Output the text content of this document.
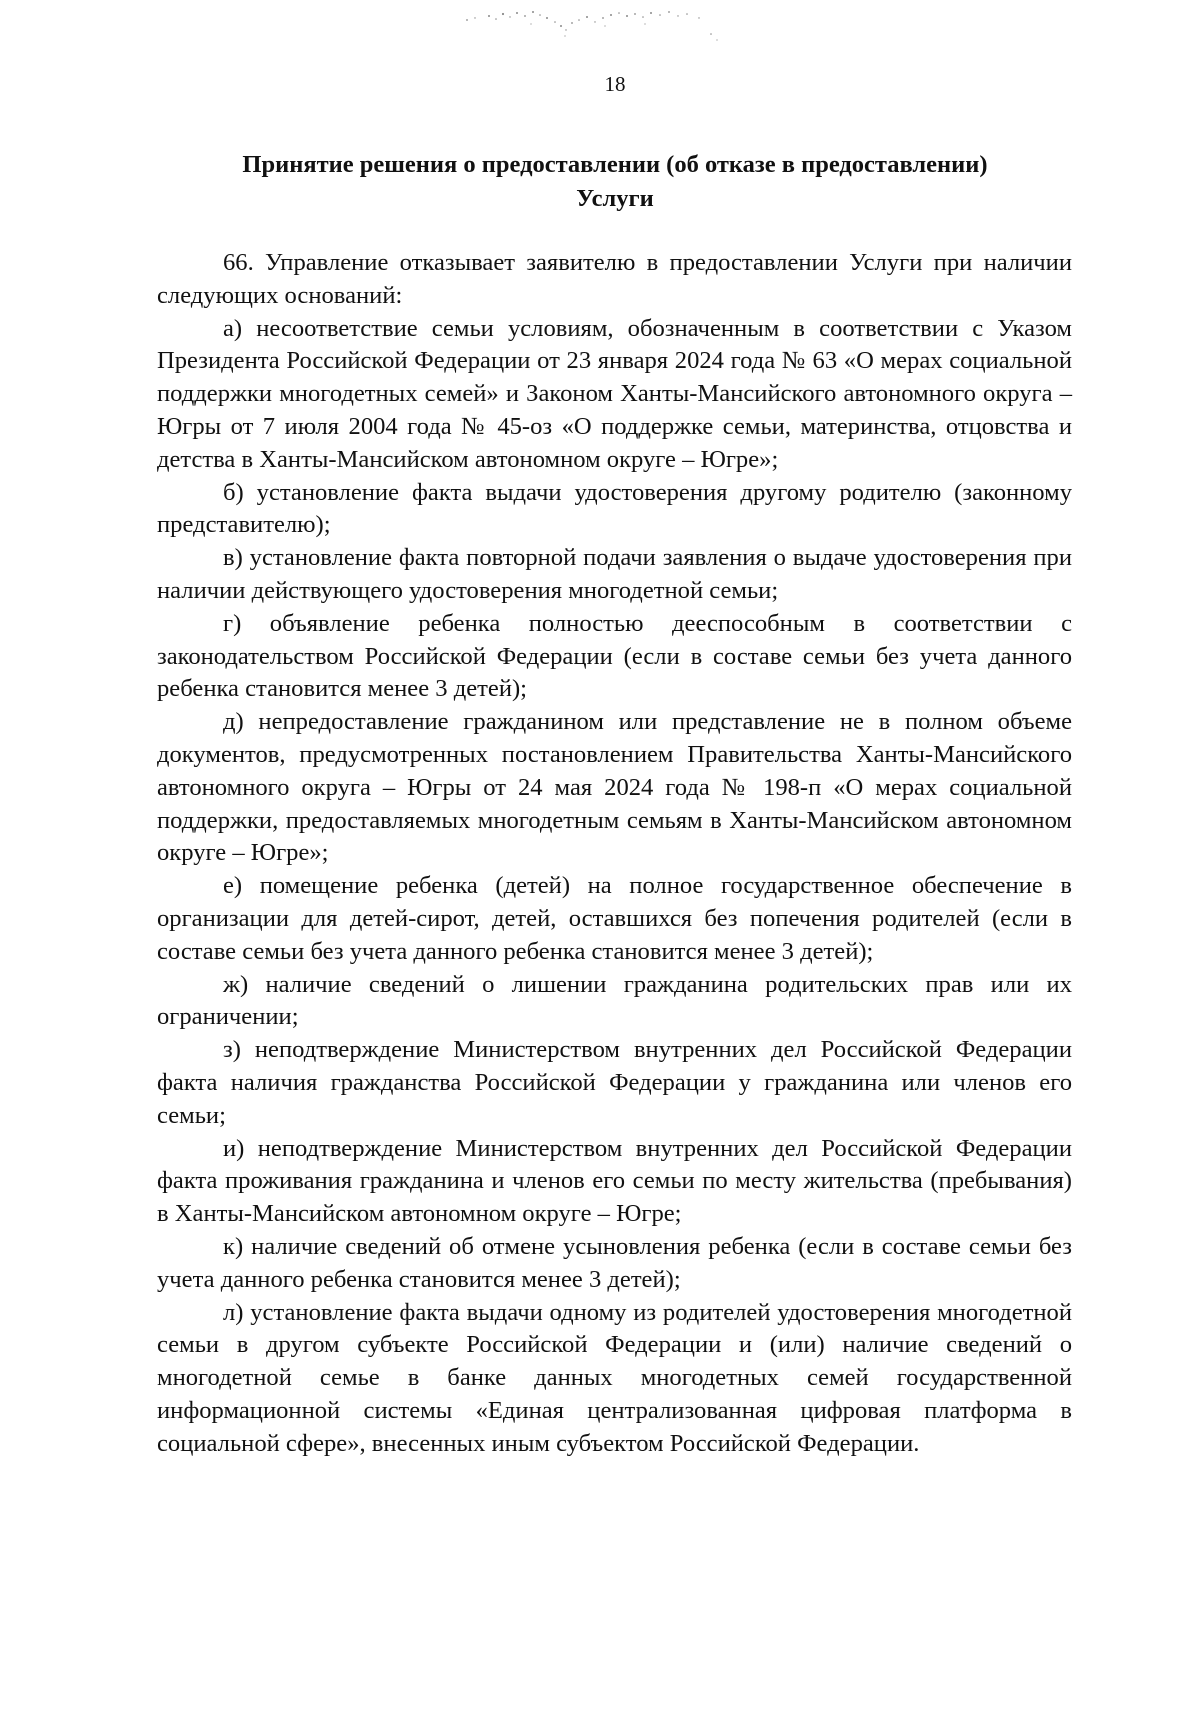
18
Принятие решения о предоставлении (об отказе в предоставлении)
Услуги

66. Управление отказывает заявителю в предоставлении Услуги при наличии следующих оснований:

а) несоответствие семьи условиям, обозначенным в соответствии с Указом Президента Российской Федерации от 23 января 2024 года № 63 «О мерах социальной поддержки многодетных семей» и Законом Ханты-Мансийского автономного округа – Югры от 7 июля 2004 года № 45-оз «О поддержке семьи, материнства, отцовства и детства в Ханты-Мансийском автономном округе – Югре»;

б) установление факта выдачи удостоверения другому родителю (законному представителю);

в) установление факта повторной подачи заявления о выдаче удостоверения при наличии действующего удостоверения многодетной семьи;

г) объявление ребенка полностью дееспособным в соответствии с законодательством Российской Федерации (если в составе семьи без учета данного ребенка становится менее 3 детей);

д) непредоставление гражданином или представление не в полном объеме документов, предусмотренных постановлением Правительства Ханты-Мансийского автономного округа – Югры от 24 мая 2024 года № 198-п «О мерах социальной поддержки, предоставляемых многодетным семьям в Ханты-Мансийском автономном округе – Югре»;

е) помещение ребенка (детей) на полное государственное обеспечение в организации для детей-сирот, детей, оставшихся без попечения родителей (если в составе семьи без учета данного ребенка становится менее 3 детей);

ж) наличие сведений о лишении гражданина родительских прав или их ограничении;

з) неподтверждение Министерством внутренних дел Российской Федерации факта наличия гражданства Российской Федерации у гражданина или членов его семьи;

и) неподтверждение Министерством внутренних дел Российской Федерации факта проживания гражданина и членов его семьи по месту жительства (пребывания) в Ханты-Мансийском автономном округе – Югре;

к) наличие сведений об отмене усыновления ребенка (если в составе семьи без учета данного ребенка становится менее 3 детей);

л) установление факта выдачи одному из родителей удостоверения многодетной семьи в другом субъекте Российской Федерации и (или) наличие сведений о многодетной семье в банке данных многодетных семей государственной информационной системы «Единая централизованная цифровая платформа в социальной сфере», внесенных иным субъектом Российской Федерации.
